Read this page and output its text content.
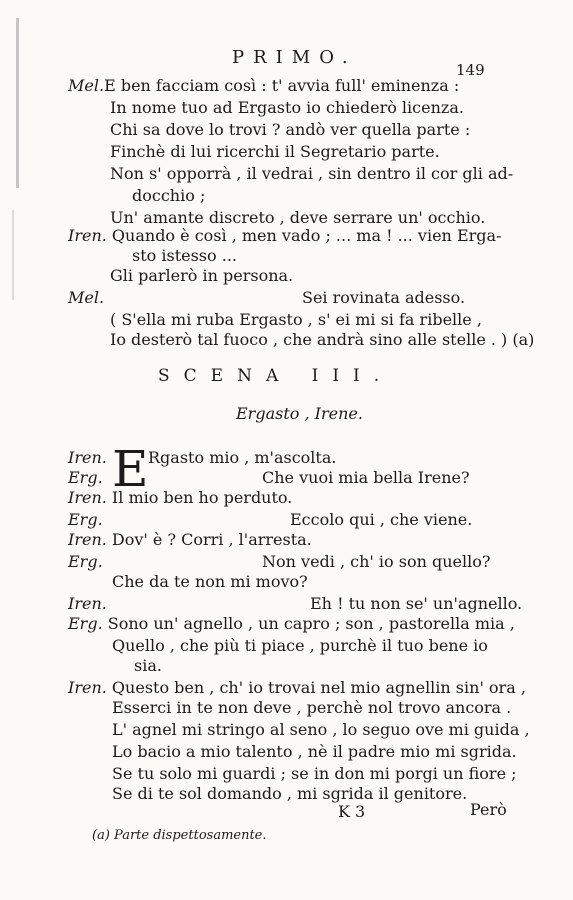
PRIMO.
149
Mel.E ben facciam così : t' avvia full' eminenza :
In nome tuo ad Ergasto io chiederò licenza.
Chi sa dove lo trovi ? andò ver quella parte :
Finchè di lui ricerchi il Segretario parte.
Non s' opporrà , il vedrai , sin dentro il cor gli ad-
docchio ;
Un' amante discreto , deve serrare un' occhio.
Iren. Quando è così , men vado ; ... ma ! ... vien Erga-
sto istesso ...
Gli parlerò in persona.
Mel.	Sei rovinata adesso.
( S'ella mi ruba Ergasto , s' ei mi si fa ribelle ,
Io desterò tal fuoco , che andrà sino alle stelle . ) (a)
SCENA III.
Ergasto , Irene.
E
Iren.	Rgasto mio , m'ascolta.
Erg.	Che vuoi mia bella Irene?
Iren. Il mio ben ho perduto.
Erg.	Eccolo qui , che viene.
Iren. Dov' è ? Corri , l'arresta.
Erg.	Non vedi , ch' io son quello?
Che da te non mi movo?
Iren.	Eh ! tu non se' un'agnello.
Erg. Sono un' agnello , un capro ; son , pastorella mia ,
Quello , che più ti piace , purchè il tuo bene io
sia.
Iren. Questo ben , ch' io trovai nel mio agnellin sin' ora ,
Esserci in te non deve , perchè nol trovo ancora .
L' agnel mi stringo al seno , lo seguo ove mi guida ,
Lo bacio a mio talento , nè il padre mio mi sgrida.
Se tu solo mi guardi ; se in don mi porgi un fiore ;
Se di te sol domando , mi sgrida il genitore.
K 3	Però
(a) Parte dispettosamente.
